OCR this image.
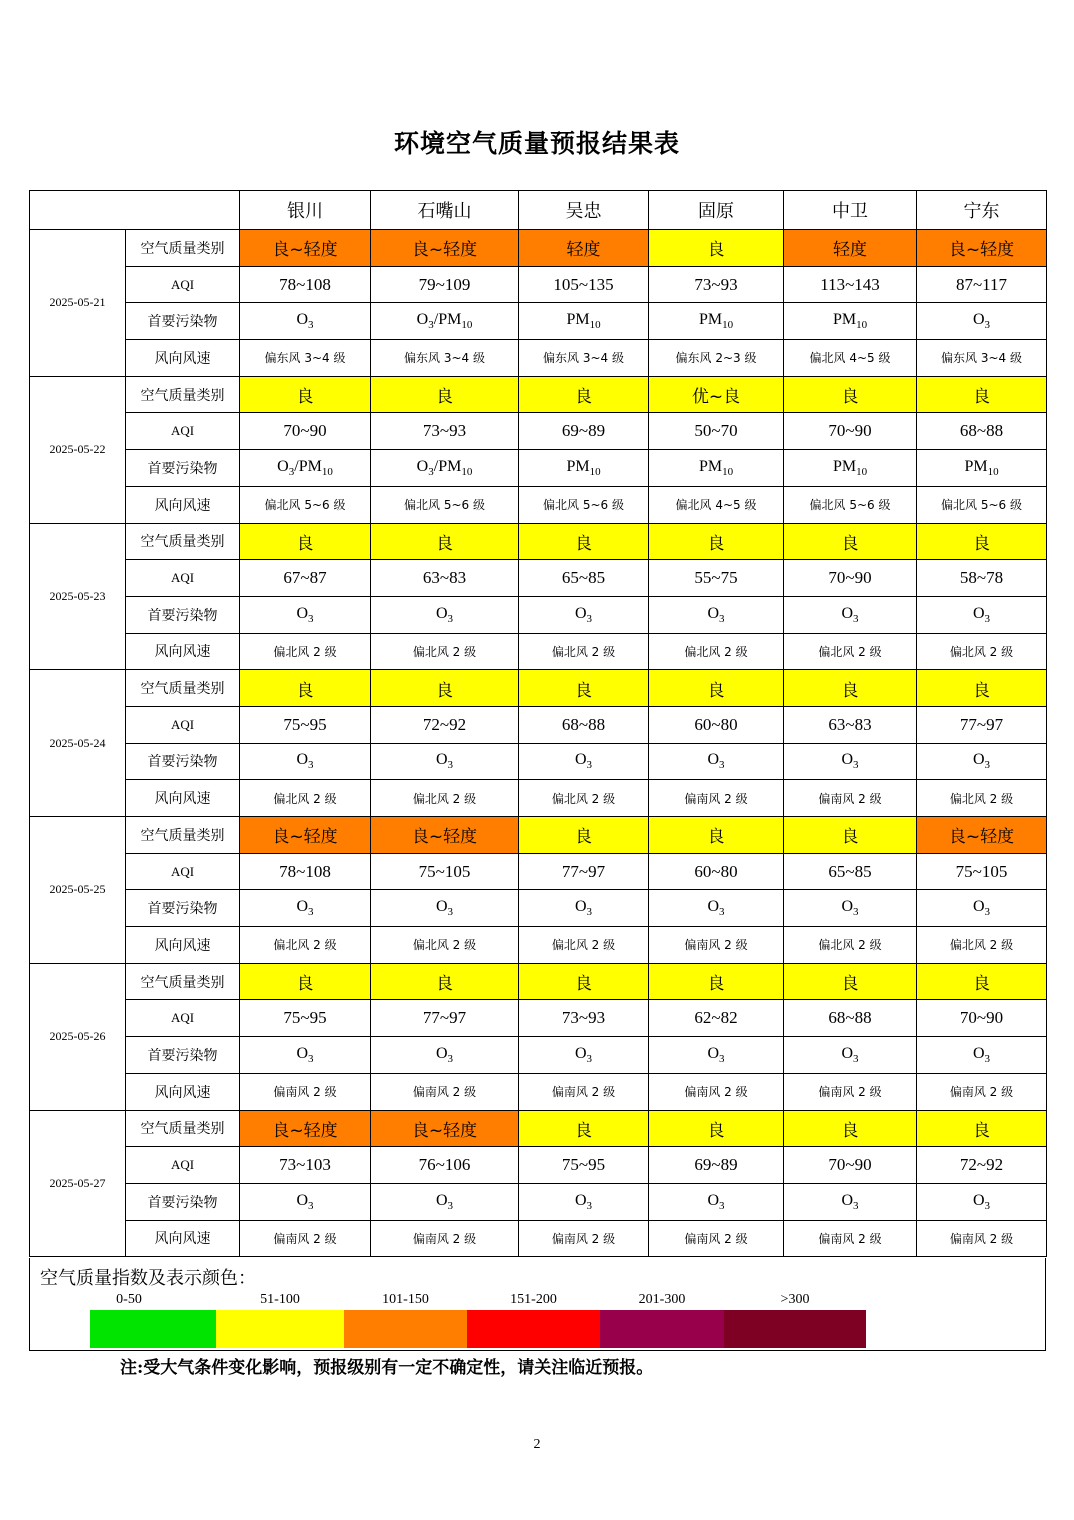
环境空气质量预报结果表
		银川	石嘴山	吴忠	固原	中卫	宁东
2025-05-21	空气质量类别	良~轻度	良~轻度	轻度	良	轻度	良~轻度
	AQI	78~108	79~109	105~135	73~93	113~143	87~117
	首要污染物	$O_3$	$O_3/PM_{10}$	$PM_{10}$	$PM_{10}$	$PM_{10}$	$O_3$
	风向风速	偏东风 3~4 级	偏东风 3~4 级	偏东风 3~4 级	偏东风 2~3 级	偏北风 4~5 级	偏东风 3~4 级
2025-05-22	空气质量类别	良	良	良	优~良	良	良
	AQI	70~90	73~93	69~89	50~70	70~90	68~88
	首要污染物	$O_3/PM_{10}$	$O_3/PM_{10}$	$PM_{10}$	$PM_{10}$	$PM_{10}$	$PM_{10}$
	风向风速	偏北风 5~6 级	偏北风 5~6 级	偏北风 5~6 级	偏北风 4~5 级	偏北风 5~6 级	偏北风 5~6 级
2025-05-23	空气质量类别	良	良	良	良	良	良
	AQI	67~87	63~83	65~85	55~75	70~90	58~78
	首要污染物	$O_3$	$O_3$	$O_3$	$O_3$	$O_3$	$O_3$
	风向风速	偏北风 2 级	偏北风 2 级	偏北风 2 级	偏北风 2 级	偏北风 2 级	偏北风 2 级
2025-05-24	空气质量类别	良	良	良	良	良	良
	AQI	75~95	72~92	68~88	60~80	63~83	77~97
	首要污染物	$O_3$	$O_3$	$O_3$	$O_3$	$O_3$	$O_3$
	风向风速	偏北风 2 级	偏北风 2 级	偏北风 2 级	偏南风 2 级	偏南风 2 级	偏北风 2 级
2025-05-25	空气质量类别	良~轻度	良~轻度	良	良	良	良~轻度
	AQI	78~108	75~105	77~97	60~80	65~85	75~105
	首要污染物	$O_3$	$O_3$	$O_3$	$O_3$	$O_3$	$O_3$
	风向风速	偏北风 2 级	偏北风 2 级	偏北风 2 级	偏南风 2 级	偏北风 2 级	偏北风 2 级
2025-05-26	空气质量类别	良	良	良	良	良	良
	AQI	75~95	77~97	73~93	62~82	68~88	70~90
	首要污染物	$O_3$	$O_3$	$O_3$	$O_3$	$O_3$	$O_3$
	风向风速	偏南风 2 级	偏南风 2 级	偏南风 2 级	偏南风 2 级	偏南风 2 级	偏南风 2 级
2025-05-27	空气质量类别	良~轻度	良~轻度	良	良	良	良
	AQI	73~103	76~106	75~95	69~89	70~90	72~92
	首要污染物	$O_3$	$O_3$	$O_3$	$O_3$	$O_3$	$O_3$
	风向风速	偏南风 2 级	偏南风 2 级	偏南风 2 级	偏南风 2 级	偏南风 2 级	偏南风 2 级
空气质量指数及表示颜色：
0-50	51-100	101-150	151-200	201-300	>300
注:受大气条件变化影响，预报级别有一定不确定性，请关注临近预报。
2
